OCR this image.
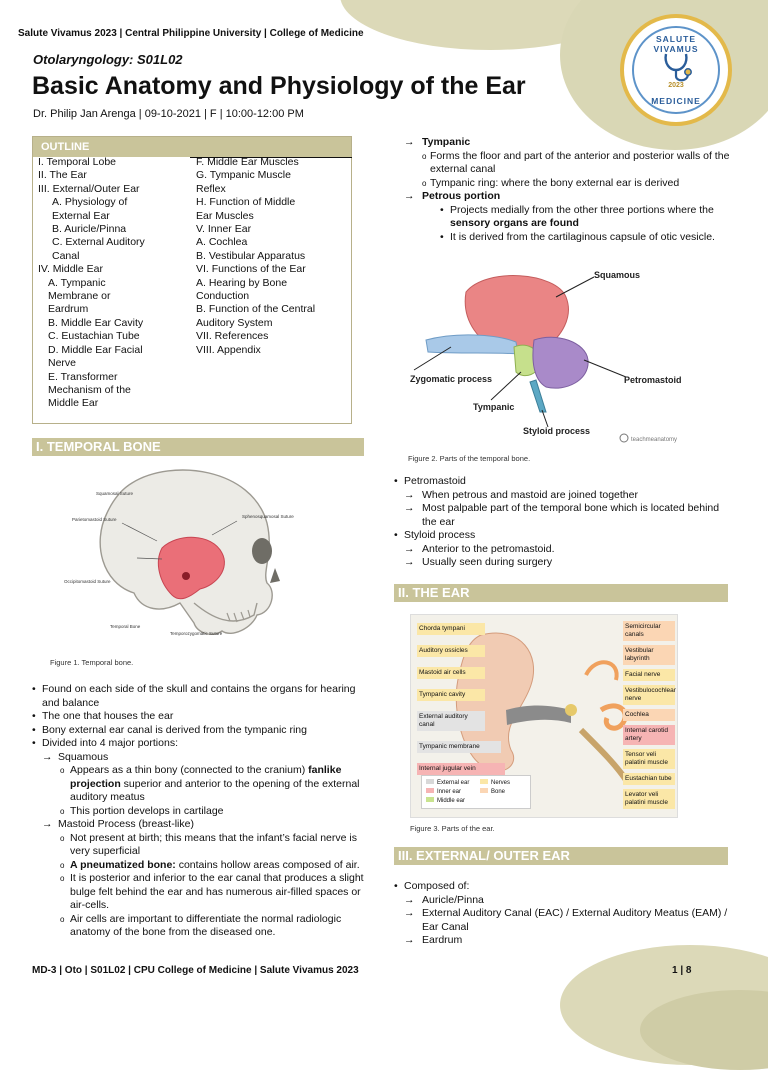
Salute Vivamus 2023 | Central Philippine University | College of Medicine	SALUTE VIVAMUS
2023
MEDICINE
Otolaryngology: S01L02
Basic Anatomy and Physiology of the Ear
Dr. Philip Jan Arenga | 09-10-2021 | F | 10:00-12:00 PM
OUTLINE
I. Temporal Lobe
II. The Ear
III. External/Outer Ear
A. Physiology of
External Ear
B. Auricle/Pinna
C. External Auditory
Canal
IV. Middle Ear
A. Tympanic
Membrane or
Eardrum
B. Middle Ear Cavity
C. Eustachian Tube
D. Middle Ear Facial
Nerve
E. Transformer
Mechanism of the
Middle Ear
F. Middle Ear Muscles
G. Tympanic Muscle
Reflex
H. Function of Middle
Ear Muscles
V. Inner Ear
A. Cochlea
B. Vestibular Apparatus
VI. Functions of the Ear
A. Hearing by Bone
Conduction
B. Function of the Central
Auditory System
VII. References
VIII. Appendix
I. TEMPORAL BONE
Squamosal Suture
Parietomastoid Suture
Sphenosquamosal Suture
Occipitomastoid Suture
Temporal Bone
Temporozygomatic Suture
Figure 1. Temporal bone.
• Found on each side of the skull and contains the organs for hearing and balance
• The one that houses the ear
• Bony external ear canal is derived from the tympanic ring
• Divided into 4 major portions:
→ Squamous
o Appears as a thin bony (connected to the cranium) fanlike projection superior and anterior to the opening of the external auditory meatus
o This portion develops in cartilage
→ Mastoid Process (breast-like)
o Not present at birth; this means that the infant’s facial nerve is very superficial
o A pneumatized bone: contains hollow areas composed of air.
o It is posterior and inferior to the ear canal that produces a slight bulge felt behind the ear and has numerous air-filled spaces or air-cells.
o Air cells are important to differentiate the normal radiologic anatomy of the bone from the diseased one.
→ Tympanic
o Forms the floor and part of the anterior and posterior walls of the external canal
o Tympanic ring: where the bony external ear is derived
→ Petrous portion
• Projects medially from the other three portions where the sensory organs are found
• It is derived from the cartilaginous capsule of otic vesicle.
Squamous
Zygomatic process	Petromastoid
Tympanic
Styloid process
teachmeanatomy
Figure 2. Parts of the temporal bone.
• Petromastoid
→ When petrous and mastoid are joined together
→ Most palpable part of the temporal bone which is located behind the ear
• Styloid process
→ Anterior to the petromastoid.
→ Usually seen during surgery
II. THE EAR
Chorda tympani
Auditory ossicles
Mastoid air cells
Tympanic cavity
External auditory canal
Tympanic membrane
Internal jugular vein
Semicircular canals
Vestibular labyrinth
Facial nerve
Vestibulocochlear nerve
Cochlea
Internal carotid artery
Tensor veli palatini muscle
Eustachian tube
Levator veli palatini muscle
External ear
Inner ear
Middle ear
Nerves
Bone
Figure 3. Parts of the ear.
III. EXTERNAL/ OUTER EAR
• Composed of:
→ Auricle/Pinna
→ External Auditory Canal (EAC) / External Auditory Meatus (EAM) / Ear Canal
→ Eardrum
MD-3 | Oto | S01L02 | CPU College of Medicine | Salute Vivamus 2023	1 | 8
